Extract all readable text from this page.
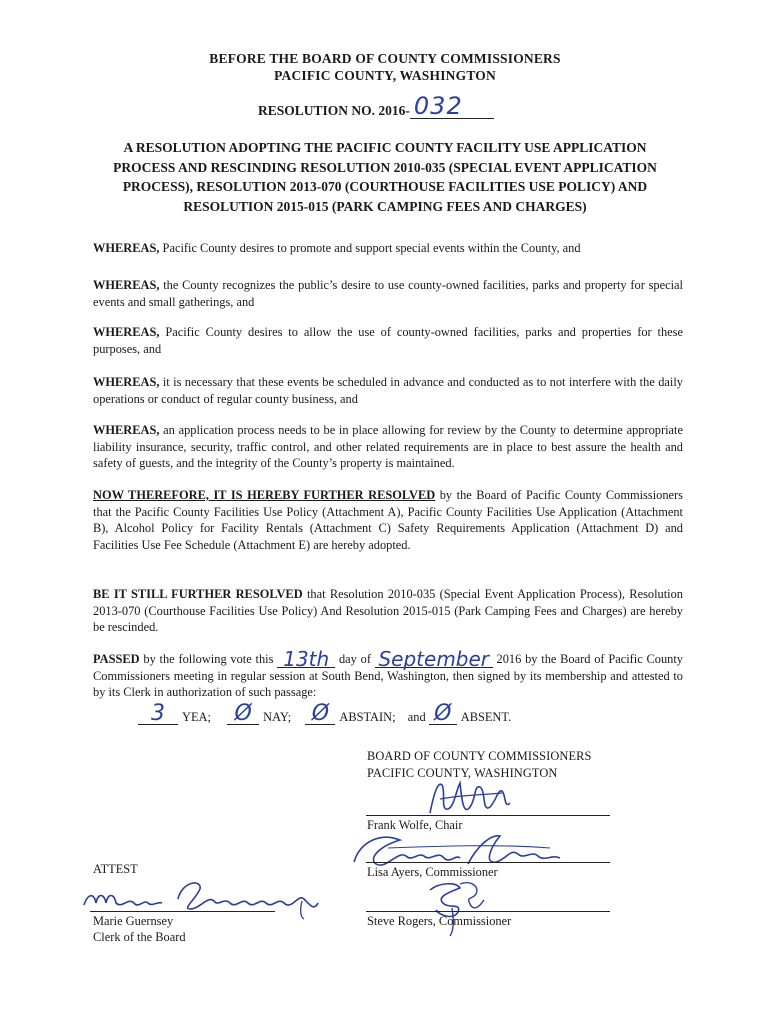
BEFORE THE BOARD OF COUNTY COMMISSIONERS
PACIFIC COUNTY, WASHINGTON
RESOLUTION NO. 2016- 032
A RESOLUTION ADOPTING THE PACIFIC COUNTY FACILITY USE APPLICATION PROCESS AND RESCINDING RESOLUTION 2010-035 (SPECIAL EVENT APPLICATION PROCESS), RESOLUTION 2013-070 (COURTHOUSE FACILITIES USE POLICY) AND RESOLUTION 2015-015 (PARK CAMPING FEES AND CHARGES)
WHEREAS, Pacific County desires to promote and support special events within the County, and
WHEREAS, the County recognizes the public’s desire to use county-owned facilities, parks and property for special events and small gatherings, and
WHEREAS, Pacific County desires to allow the use of county-owned facilities, parks and properties for these purposes, and
WHEREAS, it is necessary that these events be scheduled in advance and conducted as to not interfere with the daily operations or conduct of regular county business, and
WHEREAS, an application process needs to be in place allowing for review by the County to determine appropriate liability insurance, security, traffic control, and other related requirements are in place to best assure the health and safety of guests, and the integrity of the County’s property is maintained.
NOW THEREFORE, IT IS HEREBY FURTHER RESOLVED by the Board of Pacific County Commissioners that the Pacific County Facilities Use Policy (Attachment A), Pacific County Facilities Use Application (Attachment B), Alcohol Policy for Facility Rentals (Attachment C) Safety Requirements Application (Attachment D) and Facilities Use Fee Schedule (Attachment E) are hereby adopted.
BE IT STILL FURTHER RESOLVED that Resolution 2010-035 (Special Event Application Process), Resolution 2013-070 (Courthouse Facilities Use Policy) And Resolution 2015-015 (Park Camping Fees and Charges) are hereby be rescinded.
PASSED by the following vote this 13th day of September 2016 by the Board of Pacific County Commissioners meeting in regular session at South Bend, Washington, then signed by its membership and attested to by its Clerk in authorization of such passage:
3 YEA; Ø NAY; Ø ABSTAIN; and Ø ABSENT.
BOARD OF COUNTY COMMISSIONERS
PACIFIC COUNTY, WASHINGTON
Frank Wolfe, Chair
Lisa Ayers, Commissioner
Steve Rogers, Commissioner
ATTEST
Marie Guernsey
Clerk of the Board
